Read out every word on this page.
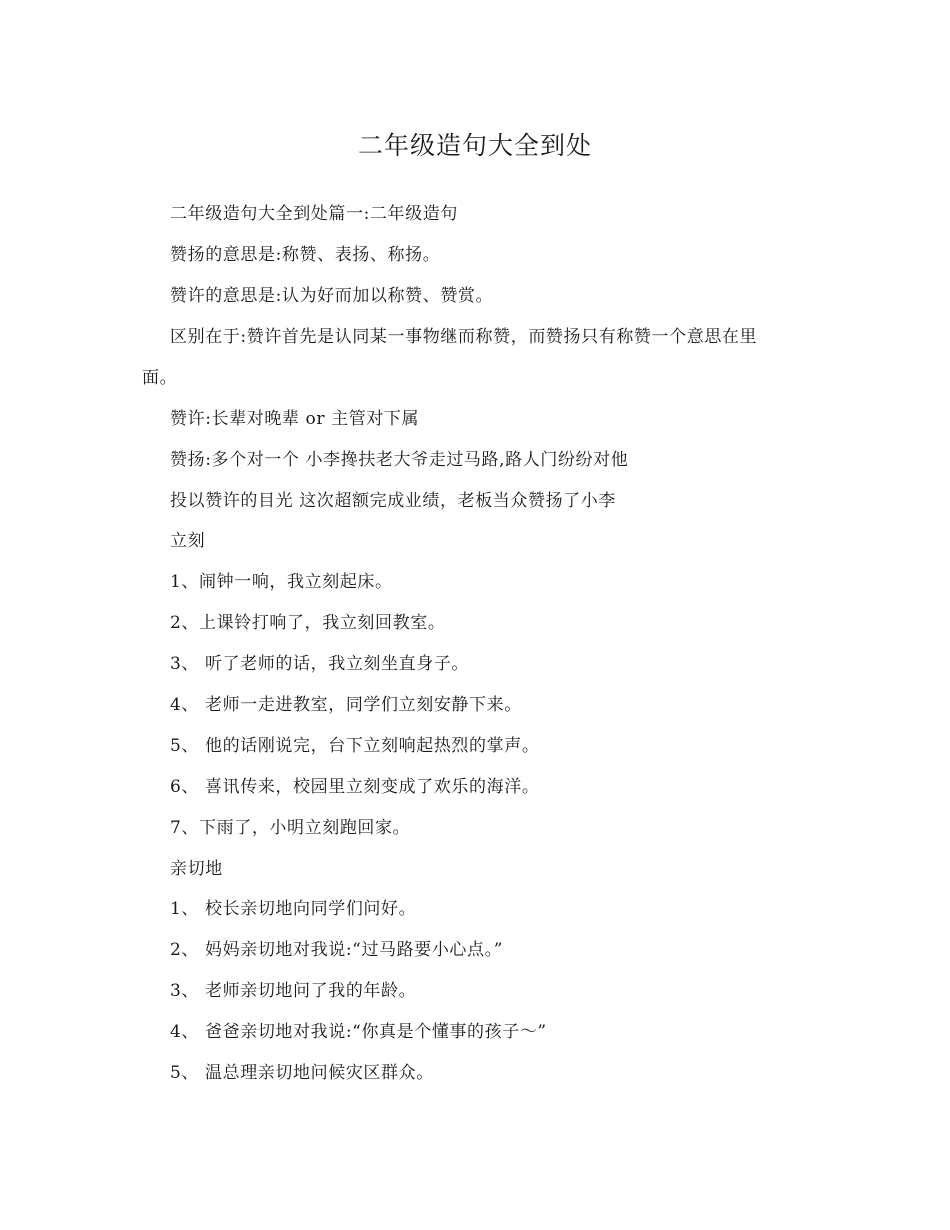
二年级造句大全到处
二年级造句大全到处篇一:二年级造句
赞扬的意思是:称赞、表扬、称扬。
赞许的意思是:认为好而加以称赞、赞赏。
区别在于:赞许首先是认同某一事物继而称赞，而赞扬只有称赞一个意思在里
面。
赞许:长辈对晚辈 or 主管对下属
赞扬:多个对一个 小李搀扶老大爷走过马路,路人门纷纷对他
投以赞许的目光 这次超额完成业绩，老板当众赞扬了小李
立刻
1、闹钟一响，我立刻起床。
2、上课铃打响了，我立刻回教室。
3、 听了老师的话，我立刻坐直身子。
4、 老师一走进教室，同学们立刻安静下来。
5、 他的话刚说完，台下立刻响起热烈的掌声。
6、 喜讯传来，校园里立刻变成了欢乐的海洋。
7、下雨了，小明立刻跑回家。
亲切地
1、 校长亲切地向同学们问好。
2、 妈妈亲切地对我说:“过马路要小心点。”
3、 老师亲切地问了我的年龄。
4、 爸爸亲切地对我说:“你真是个懂事的孩子～”
5、 温总理亲切地问候灾区群众。
